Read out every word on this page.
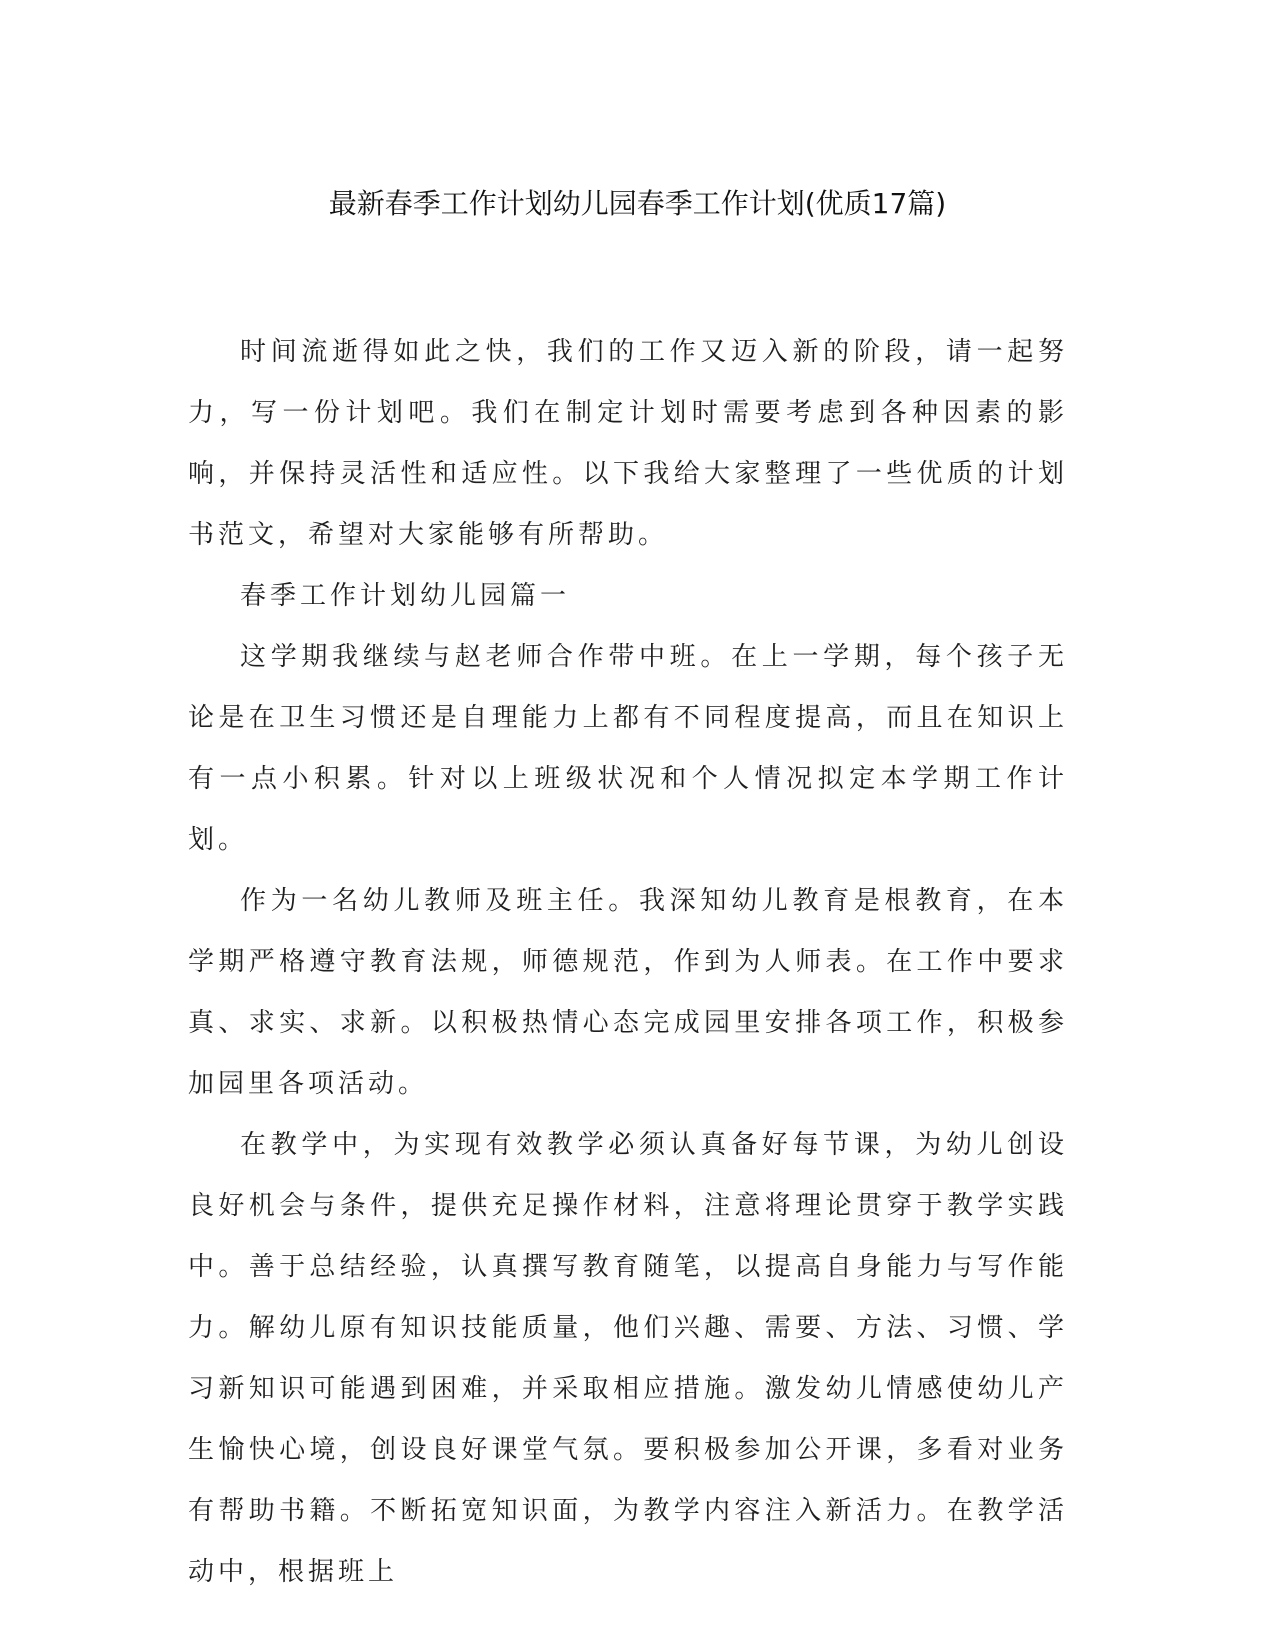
最新春季工作计划幼儿园春季工作计划(优质17篇)

时间流逝得如此之快，我们的工作又迈入新的阶段，请一起努力，写一份计划吧。我们在制定计划时需要考虑到各种因素的影响，并保持灵活性和适应性。以下我给大家整理了一些优质的计划书范文，希望对大家能够有所帮助。

春季工作计划幼儿园篇一

这学期我继续与赵老师合作带中班。在上一学期，每个孩子无论是在卫生习惯还是自理能力上都有不同程度提高，而且在知识上有一点小积累。针对以上班级状况和个人情况拟定本学期工作计划。

作为一名幼儿教师及班主任。我深知幼儿教育是根教育，在本学期严格遵守教育法规，师德规范，作到为人师表。在工作中要求真、求实、求新。以积极热情心态完成园里安排各项工作，积极参加园里各项活动。

在教学中，为实现有效教学必须认真备好每节课，为幼儿创设良好机会与条件，提供充足操作材料，注意将理论贯穿于教学实践中。善于总结经验，认真撰写教育随笔，以提高自身能力与写作能力。解幼儿原有知识技能质量，他们兴趣、需要、方法、习惯、学习新知识可能遇到困难，并采取相应措施。激发幼儿情感使幼儿产生愉快心境，创设良好课堂气氛。要积极参加公开课，多看对业务有帮助书籍。不断拓宽知识面，为教学内容注入新活力。在教学活动中，根据班上
